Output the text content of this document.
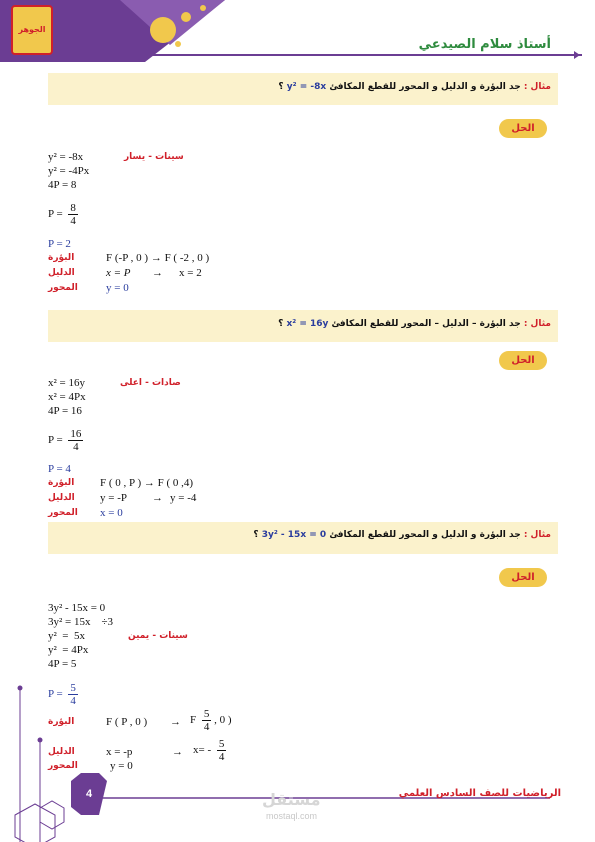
الجوهر
أستاذ سلام الصيدعي
مثال : جد البؤرة و الدليل و المحور للقطع المكافئ y² = -8x ؟
الحل
y² = -8x	سينات - يسار
y² = -4Px
4P = 8
$P = \frac{8}{4}$
P = 2
البؤرة	F (-P , 0 ) → F ( -2 , 0 )
الدليل	x = P → x = 2
المحور	y = 0
مثال : جد البؤرة – الدليل – المحور للقطع المكافئ x² = 16y ؟
الحل
x² = 16y	صادات - اعلى
x² = 4Px
4P = 16
$P = \frac{16}{4}$
P = 4
البؤرة F ( 0 , P ) → F ( 0 ,4)
الدليل y = -P → y = -4
المحور x = 0
مثال : جد البؤرة و الدليل و المحور للقطع المكافئ 3y² - 15x = 0 ؟
الحل
3y² - 15x = 0
3y² = 15x    ÷3
y²  =  5x	سينات - يمين
y²  = 4Px
4P = 5
$P = \frac{5}{4}$
البؤرة	F ( P , 0 ) → F $\frac{5}{4}$ , 0 )
الدليل	x = -p	→ $x= - \frac{5}{4}$
المحور	y = 0
4	الرياضيات للصف السادس العلمي
مستقل
mostaql.com
